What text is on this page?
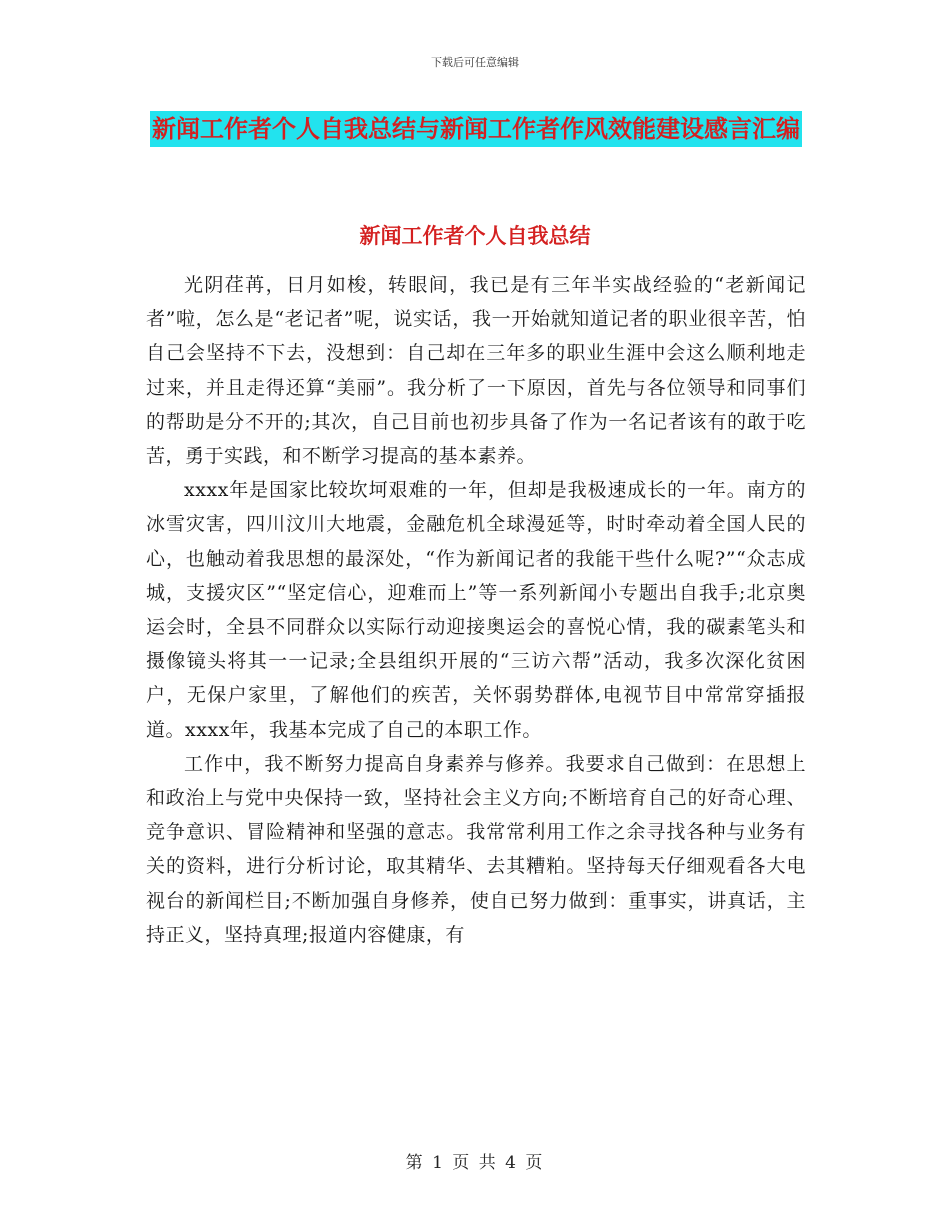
下载后可任意编辑
新闻工作者个人自我总结与新闻工作者作风效能建设感言汇编
新闻工作者个人自我总结

光阴荏苒，日月如梭，转眼间，我已是有三年半实战经验的“老新闻记者”啦，怎么是“老记者”呢，说实话，我一开始就知道记者的职业很辛苦，怕自己会坚持不下去，没想到：自己却在三年多的职业生涯中会这么顺利地走过来，并且走得还算“美丽”。我分析了一下原因，首先与各位领导和同事们的帮助是分不开的;其次，自己目前也初步具备了作为一名记者该有的敢于吃苦，勇于实践，和不断学习提高的基本素养。

xxxx年是国家比较坎坷艰难的一年，但却是我极速成长的一年。南方的冰雪灾害，四川汶川大地震，金融危机全球漫延等，时时牵动着全国人民的心，也触动着我思想的最深处，“作为新闻记者的我能干些什么呢?”“众志成城，支援灾区”“坚定信心，迎难而上”等一系列新闻小专题出自我手;北京奥运会时，全县不同群众以实际行动迎接奥运会的喜悦心情，我的碳素笔头和摄像镜头将其一一记录;全县组织开展的“三访六帮”活动，我多次深化贫困户，无保户家里，了解他们的疾苦，关怀弱势群体,电视节目中常常穿插报道。xxxx年，我基本完成了自己的本职工作。

工作中，我不断努力提高自身素养与修养。我要求自己做到：在思想上和政治上与党中央保持一致，坚持社会主义方向;不断培育自己的好奇心理、竞争意识、冒险精神和坚强的意志。我常常利用工作之余寻找各种与业务有关的资料，进行分析讨论，取其精华、去其糟粕。坚持每天仔细观看各大电视台的新闻栏目;不断加强自身修养，使自已努力做到：重事实，讲真话，主持正义，坚持真理;报道内容健康，有

第 1 页 共 4 页
